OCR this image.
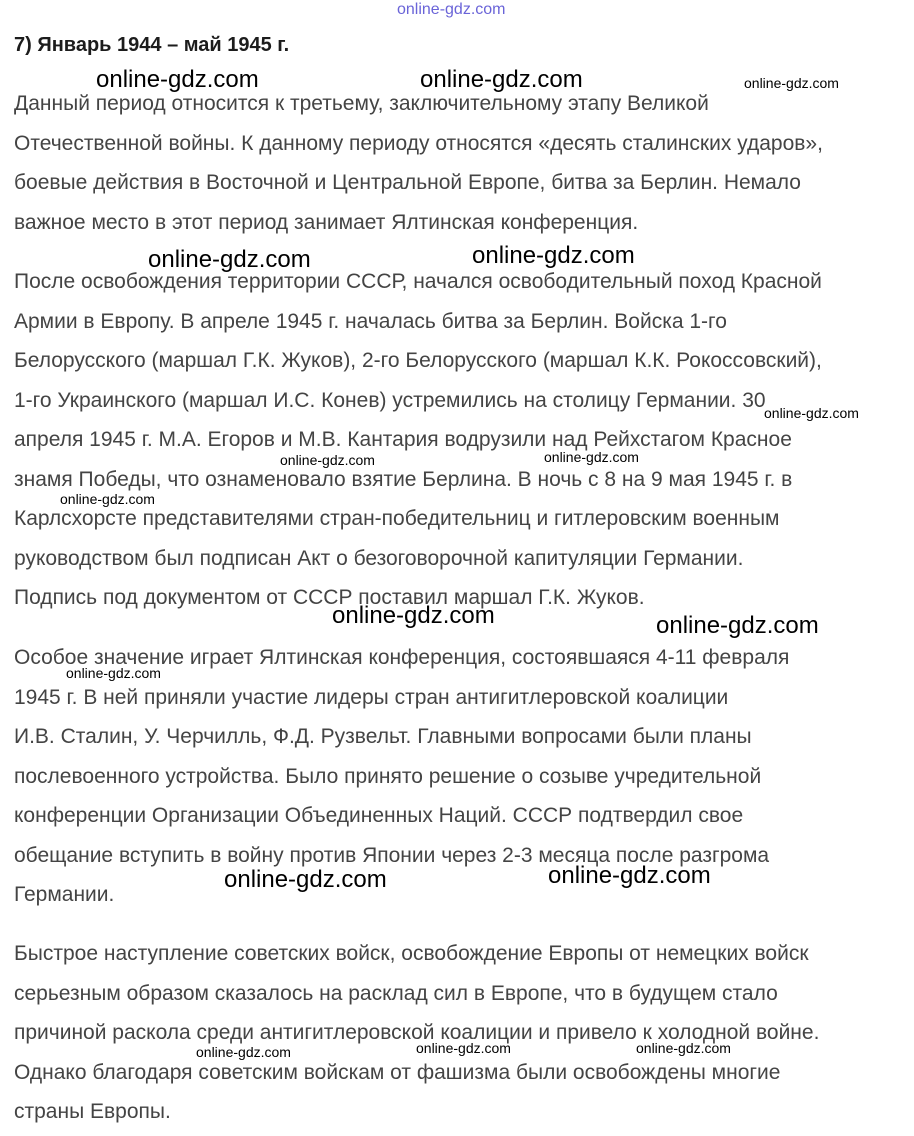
online-gdz.com
7) Январь 1944 – май 1945 г.
Данный период относится к третьему, заключительному этапу Великой
Отечественной войны. К данному периоду относятся «десять сталинских ударов»,
боевые действия в Восточной и Центральной Европе, битва за Берлин. Немало
важное место в этот период занимает Ялтинская конференция.
После освобождения территории СССР, начался освободительный поход Красной
Армии в Европу. В апреле 1945 г. началась битва за Берлин. Войска 1-го
Белорусского (маршал Г.К. Жуков), 2-го Белорусского (маршал К.К. Рокоссовский),
1-го Украинского (маршал И.С. Конев) устремились на столицу Германии. 30
апреля 1945 г. М.А. Егоров и М.В. Кантария водрузили над Рейхстагом Красное
знамя Победы, что ознаменовало взятие Берлина. В ночь с 8 на 9 мая 1945 г. в
Карлсхорсте представителями стран-победительниц и гитлеровским военным
руководством был подписан Акт о безоговорочной капитуляции Германии.
Подпись под документом от СССР поставил маршал Г.К. Жуков.
Особое значение играет Ялтинская конференция, состоявшаяся 4-11 февраля
1945 г. В ней приняли участие лидеры стран антигитлеровской коалиции
И.В. Сталин, У. Черчилль, Ф.Д. Рузвельт. Главными вопросами были планы
послевоенного устройства. Было принято решение о созыве учредительной
конференции Организации Объединенных Наций. СССР подтвердил свое
обещание вступить в войну против Японии через 2-3 месяца после разгрома
Германии.
Быстрое наступление советских войск, освобождение Европы от немецких войск
серьезным образом сказалось на расклад сил в Европе, что в будущем стало
причиной раскола среди антигитлеровской коалиции и привело к холодной войне.
Однако благодаря советским войскам от фашизма были освобождены многие
страны Европы.
online-gdz.com	online-gdz.com	online-gdz.com
online-gdz.com	online-gdz.com
online-gdz.com
online-gdz.com	online-gdz.com
online-gdz.com
online-gdz.com	online-gdz.com
online-gdz.com
online-gdz.com	online-gdz.com
online-gdz.com	online-gdz.com	online-gdz.com
